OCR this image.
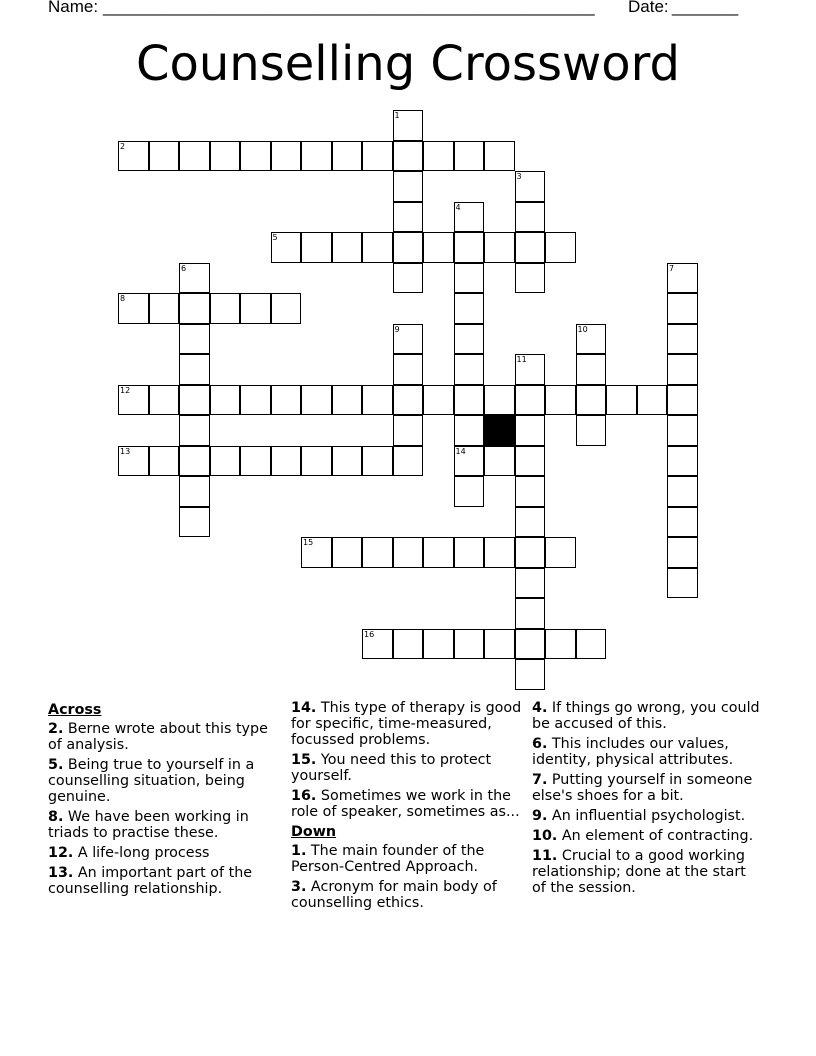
Name: ____________________________________________________ Date: _______
Counselling Crossword
1
2
3
4
14
5
6	7
8
9	10
11
12
13
15
16
Across
2. Berne wrote about this type of analysis.
5. Being true to yourself in a counselling situation, being genuine.
8. We have been working in triads to practise these.
12. A life-long process
13. An important part of the counselling relationship.
14. This type of therapy is good for specific, time-measured, focussed problems.
15. You need this to protect yourself.
16. Sometimes we work in the role of speaker, sometimes as...
Down
1. The main founder of the Person-Centred Approach.
3. Acronym for main body of counselling ethics.
4. If things go wrong, you could be accused of this.
6. This includes our values, identity, physical attributes.
7. Putting yourself in someone else's shoes for a bit.
9. An influential psychologist.
10. An element of contracting.
11. Crucial to a good working relationship; done at the start of the session.
